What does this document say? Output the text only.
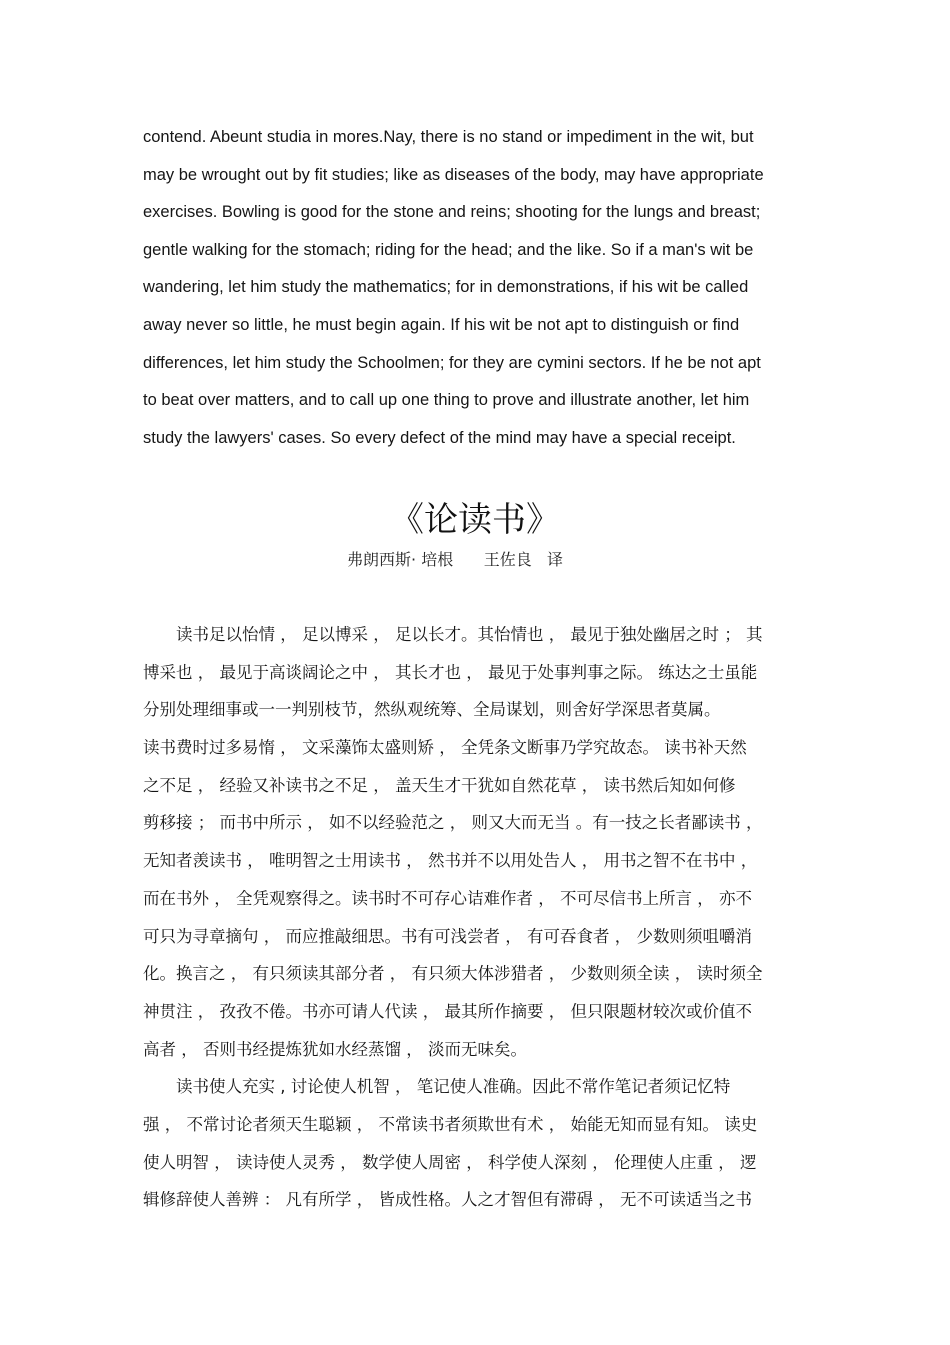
contend. Abeunt studia in mores.Nay, there is no stand or impediment in the wit, but
may be wrought out by fit studies; like as diseases of the body, may have appropriate
exercises. Bowling is good for the stone and reins; shooting for the lungs and breast;
gentle walking for the stomach; riding for the head; and the like. So if a man's wit be
wandering, let him study the mathematics; for in demonstrations, if his wit be called
away never so little, he must begin again. If his wit be not apt to distinguish or find
differences, let him study the Schoolmen; for they are cymini sectors. If he be not apt
to beat over matters, and to call up one thing to prove and illustrate another, let him
study the lawyers' cases. So every defect of the mind may have a special receipt.
《论读书》
弗朗西斯· 培根      王佐良   译
　　读书足以怡情 ， 足以博采 ， 足以长才。其怡情也 ， 最见于独处幽居之时 ； 其
博采也 ， 最见于高谈阔论之中 ， 其长才也 ， 最见于处事判事之际。 练达之士虽能
分别处理细事或一一判别枝节，然纵观统筹、全局谋划，则舍好学深思者莫属。
读书费时过多易惰 ， 文采藻饰太盛则矫 ， 全凭条文断事乃学究故态。 读书补天然
之不足 ， 经验又补读书之不足 ， 盖天生才干犹如自然花草 ， 读书然后知如何修
剪移接 ； 而书中所示 ， 如不以经验范之 ， 则又大而无当 。有一技之长者鄙读书 ，
无知者羡读书 ， 唯明智之士用读书 ， 然书并不以用处告人 ， 用书之智不在书中 ，
而在书外 ， 全凭观察得之。读书时不可存心诘难作者 ， 不可尽信书上所言 ， 亦不
可只为寻章摘句 ， 而应推敲细思。书有可浅尝者 ， 有可吞食者 ， 少数则须咀嚼消
化。换言之 ， 有只须读其部分者 ， 有只须大体涉猎者 ， 少数则须全读 ， 读时须全
神贯注 ， 孜孜不倦。书亦可请人代读 ， 最其所作摘要 ， 但只限题材较次或价值不
高者 ， 否则书经提炼犹如水经蒸馏 ， 淡而无味矣。
　　读书使人充实 , 讨论使人机智 ， 笔记使人准确。因此不常作笔记者须记忆特
强 ， 不常讨论者须天生聪颖 ， 不常读书者须欺世有术 ， 始能无知而显有知。 读史
使人明智 ， 读诗使人灵秀 ， 数学使人周密 ， 科学使人深刻 ， 伦理使人庄重 ， 逻
辑修辞使人善辨 ： 凡有所学 ， 皆成性格。人之才智但有滞碍 ， 无不可读适当之书
